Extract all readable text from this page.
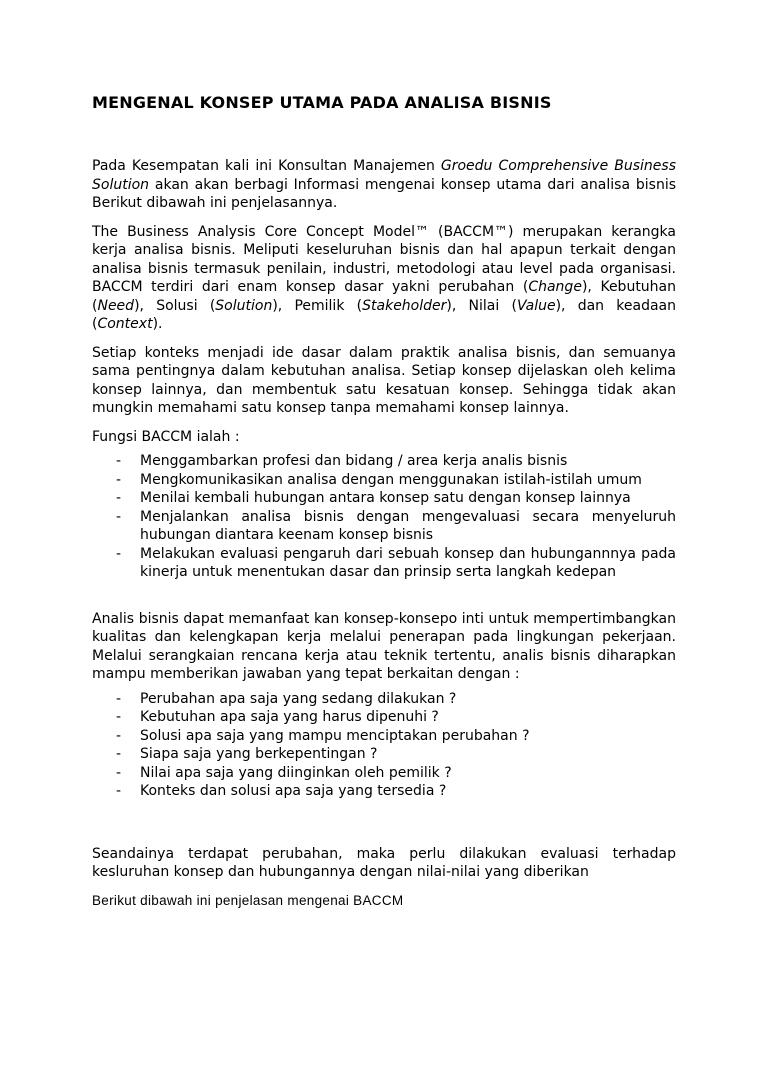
MENGENAL KONSEP UTAMA PADA ANALISA BISNIS

Pada Kesempatan kali ini Konsultan Manajemen Groedu Comprehensive Business Solution akan akan berbagi Informasi mengenai konsep utama dari analisa bisnis Berikut dibawah ini penjelasannya.

The Business Analysis Core Concept Model™ (BACCM™) merupakan kerangka kerja analisa bisnis. Meliputi keseluruhan bisnis dan hal apapun terkait dengan analisa bisnis termasuk penilain, industri, metodologi atau level pada organisasi. BACCM terdiri dari enam konsep dasar yakni perubahan (Change), Kebutuhan (Need), Solusi (Solution), Pemilik (Stakeholder), Nilai (Value), dan keadaan (Context).

Setiap konteks menjadi ide dasar dalam praktik analisa bisnis, dan semuanya sama pentingnya dalam kebutuhan analisa. Setiap konsep dijelaskan oleh kelima konsep lainnya, dan membentuk satu kesatuan konsep. Sehingga tidak akan mungkin memahami satu konsep tanpa memahami konsep lainnya.

Fungsi BACCM ialah :

- Menggambarkan profesi dan bidang / area kerja analis bisnis
- Mengkomunikasikan analisa dengan menggunakan istilah-istilah umum
- Menilai kembali hubungan antara konsep satu dengan konsep lainnya
- Menjalankan analisa bisnis dengan mengevaluasi secara menyeluruh hubungan diantara keenam konsep bisnis
- Melakukan evaluasi pengaruh dari sebuah konsep dan hubungannnya pada kinerja untuk menentukan dasar dan prinsip serta langkah kedepan

Analis bisnis dapat memanfaat kan konsep-konsepo inti untuk mempertimbangkan kualitas dan kelengkapan kerja melalui penerapan pada lingkungan pekerjaan. Melalui serangkaian rencana kerja atau teknik tertentu, analis bisnis diharapkan mampu memberikan jawaban yang tepat berkaitan dengan :

- Perubahan apa saja yang sedang dilakukan ?
- Kebutuhan apa saja yang harus dipenuhi ?
- Solusi apa saja yang mampu menciptakan perubahan ?
- Siapa saja yang berkepentingan ?
- Nilai apa saja yang diinginkan oleh pemilik ?
- Konteks dan solusi apa saja yang tersedia ?

Seandainya terdapat perubahan, maka perlu dilakukan evaluasi terhadap kesluruhan konsep dan hubungannya dengan nilai-nilai yang diberikan

Berikut dibawah ini penjelasan mengenai BACCM
